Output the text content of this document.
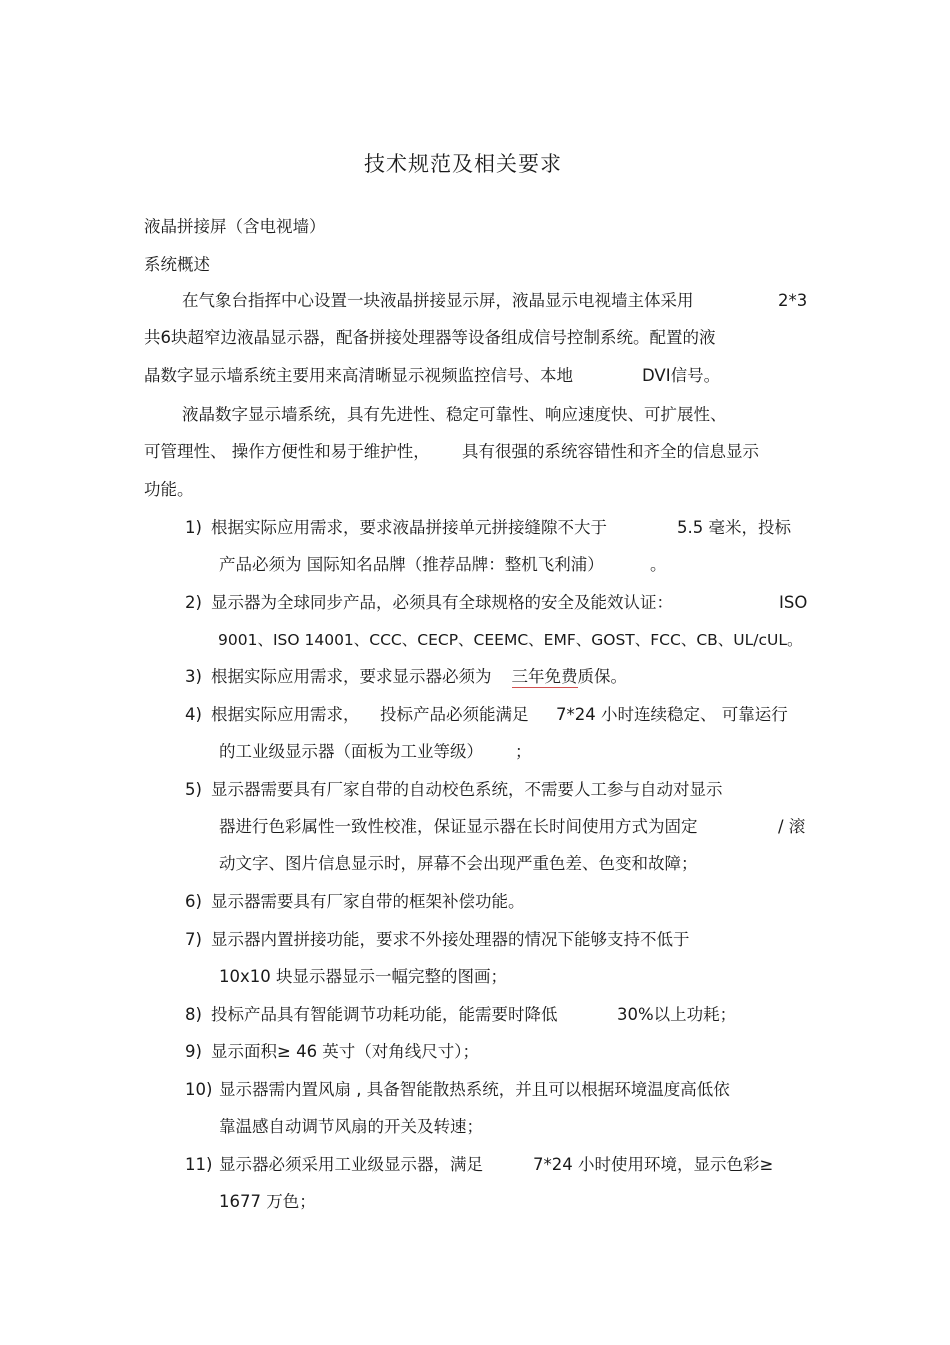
技术规范及相关要求
液晶拼接屏（含电视墙）
系统概述
在气象台指挥中心设置一块液晶拼接显示屏，液晶显示电视墙主体采用	2*3
共6块超窄边液晶显示器，配备拼接处理器等设备组成信号控制系统。配置的液
晶数字显示墙系统主要用来高清晰显示视频监控信号、本地	DVI信号。
液晶数字显示墙系统，具有先进性、稳定可靠性、响应速度快、可扩展性、
可管理性、 操作方便性和易于维护性， 具有很强的系统容错性和齐全的信息显示
功能。
1) 根据实际应用需求，要求液晶拼接单元拼接缝隙不大于	5.5 毫米，投标
产品必须为 国际知名品牌（推荐品牌：整机飞利浦）	。
2) 显示器为全球同步产品，必须具有全球规格的安全及能效认证：	ISO
9001、ISO 14001、CCC、CECP、CEEMC、EMF、GOST、FCC、CB、UL/cUL。
3) 根据实际应用需求，要求显示器必须为 三年免费质保。
4) 根据实际应用需求， 投标产品必须能满足 7*24 小时连续稳定、 可靠运行
的工业级显示器（面板为工业等级） ；
5) 显示器需要具有厂家自带的自动校色系统，不需要人工参与自动对显示
器进行色彩属性一致性校准，保证显示器在长时间使用方式为固定	/ 滚
动文字、图片信息显示时，屏幕不会出现严重色差、色变和故障；
6) 显示器需要具有厂家自带的框架补偿功能。
7) 显示器内置拼接功能，要求不外接处理器的情况下能够支持不低于
10x10 块显示器显示一幅完整的图画；
8) 投标产品具有智能调节功耗功能，能需要时降低	30%以上功耗；
9) 显示面积≥ 46 英寸（对角线尺寸）；
10) 显示器需内置风扇 , 具备智能散热系统，并且可以根据环境温度高低依
靠温感自动调节风扇的开关及转速；
11) 显示器必须采用工业级显示器，满足	7*24 小时使用环境，显示色彩≥
1677 万色；
